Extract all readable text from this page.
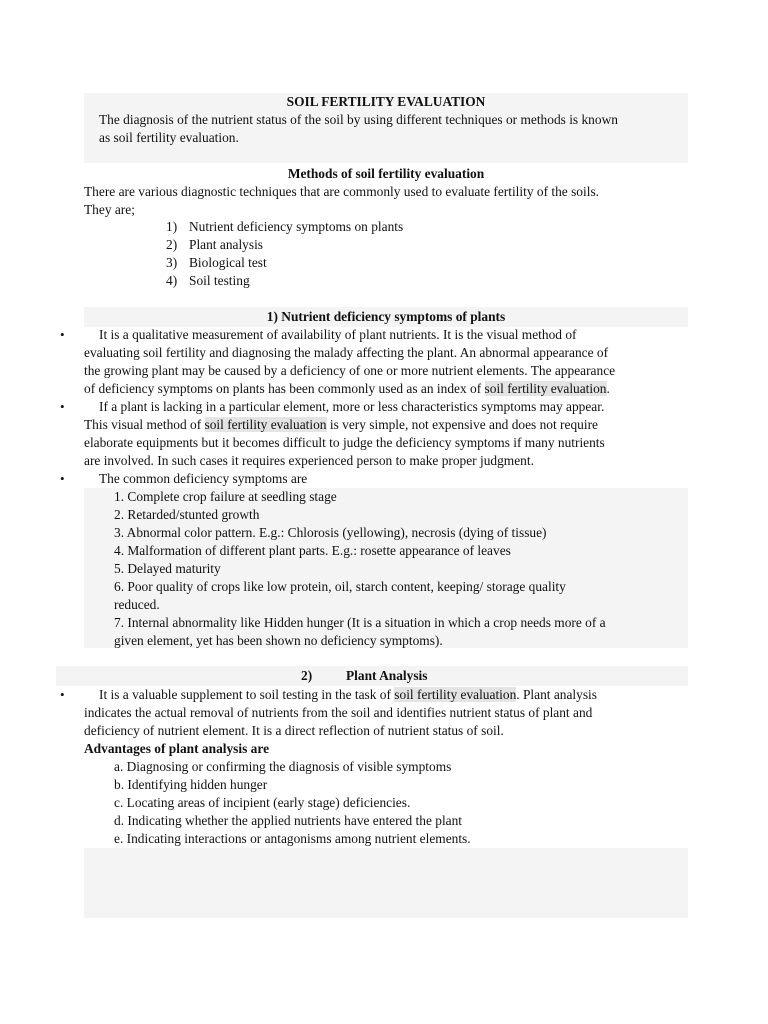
SOIL FERTILITY EVALUATION
The diagnosis of the nutrient status of the soil by using different techniques or methods is known
as soil fertility evaluation.
Methods of soil fertility evaluation
There are various diagnostic techniques that are commonly used to evaluate fertility of the soils.
They are;
1) Nutrient deficiency symptoms on plants
2) Plant analysis
3) Biological test
4) Soil testing
1) Nutrient deficiency symptoms of plants
•	It is a qualitative measurement of availability of plant nutrients. It is the visual method of
evaluating soil fertility and diagnosing the malady affecting the plant. An abnormal appearance of
the growing plant may be caused by a deficiency of one or more nutrient elements. The appearance
of deficiency symptoms on plants has been commonly used as an index of soil fertility evaluation.
•	If a plant is lacking in a particular element, more or less characteristics symptoms may appear.
This visual method of soil fertility evaluation is very simple, not expensive and does not require
elaborate equipments but it becomes difficult to judge the deficiency symptoms if many nutrients
are involved. In such cases it requires experienced person to make proper judgment.
•	The common deficiency symptoms are
1. Complete crop failure at seedling stage
2. Retarded/stunted growth
3. Abnormal color pattern. E.g.: Chlorosis (yellowing), necrosis (dying of tissue)
4. Malformation of different plant parts. E.g.: rosette appearance of leaves
5. Delayed maturity
6. Poor quality of crops like low protein, oil, starch content, keeping/ storage quality
reduced.
7. Internal abnormality like Hidden hunger (It is a situation in which a crop needs more of a
given element, yet has been shown no deficiency symptoms).
2)	Plant Analysis
•	It is a valuable supplement to soil testing in the task of soil fertility evaluation. Plant analysis
indicates the actual removal of nutrients from the soil and identifies nutrient status of plant and
deficiency of nutrient element. It is a direct reflection of nutrient status of soil.
Advantages of plant analysis are
a. Diagnosing or confirming the diagnosis of visible symptoms
b. Identifying hidden hunger
c. Locating areas of incipient (early stage) deficiencies.
d. Indicating whether the applied nutrients have entered the plant
e. Indicating interactions or antagonisms among nutrient elements.
